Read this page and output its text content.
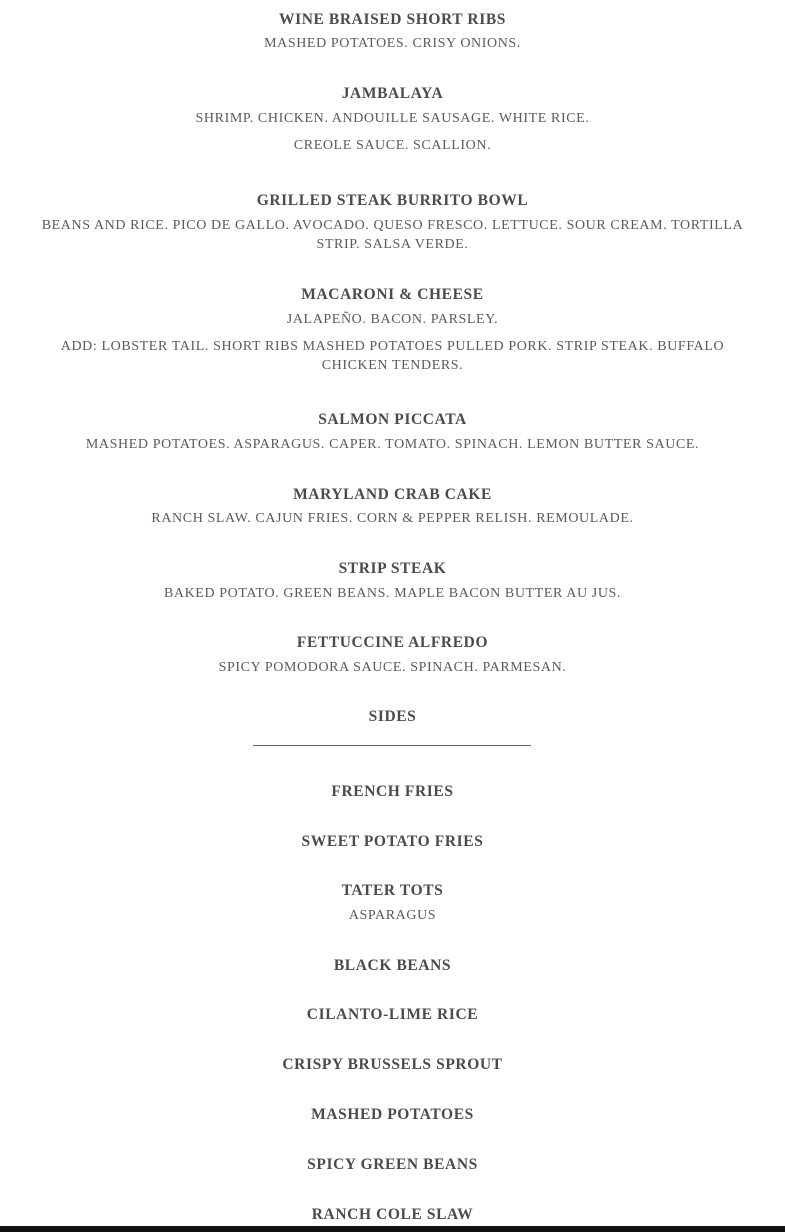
WINE BRAISED SHORT RIBS
MASHED POTATOES. CRISY ONIONS.
JAMBALAYA
SHRIMP. CHICKEN. ANDOUILLE SAUSAGE. WHITE RICE.
CREOLE SAUCE. SCALLION.
GRILLED STEAK BURRITO BOWL
BEANS AND RICE. PICO DE GALLO. AVOCADO. QUESO FRESCO. LETTUCE. SOUR CREAM. TORTILLA STRIP. SALSA VERDE.
MACARONI & CHEESE
JALAPEÑO. BACON. PARSLEY.
ADD: LOBSTER TAIL. SHORT RIBS MASHED POTATOES PULLED PORK. STRIP STEAK. BUFFALO CHICKEN TENDERS.
SALMON PICCATA
MASHED POTATOES. ASPARAGUS. CAPER. TOMATO. SPINACH. LEMON BUTTER SAUCE.
MARYLAND CRAB CAKE
RANCH SLAW. CAJUN FRIES. CORN & PEPPER RELISH. REMOULADE.
STRIP STEAK
BAKED POTATO. GREEN BEANS. MAPLE BACON BUTTER AU JUS.
FETTUCCINE ALFREDO
SPICY POMODORA SAUCE. SPINACH. PARMESAN.
SIDES
FRENCH FRIES
SWEET POTATO FRIES
TATER TOTS
ASPARAGUS
BLACK BEANS
CILANTO-LIME RICE
CRISPY BRUSSELS SPROUT
MASHED POTATOES
SPICY GREEN BEANS
RANCH COLE SLAW
